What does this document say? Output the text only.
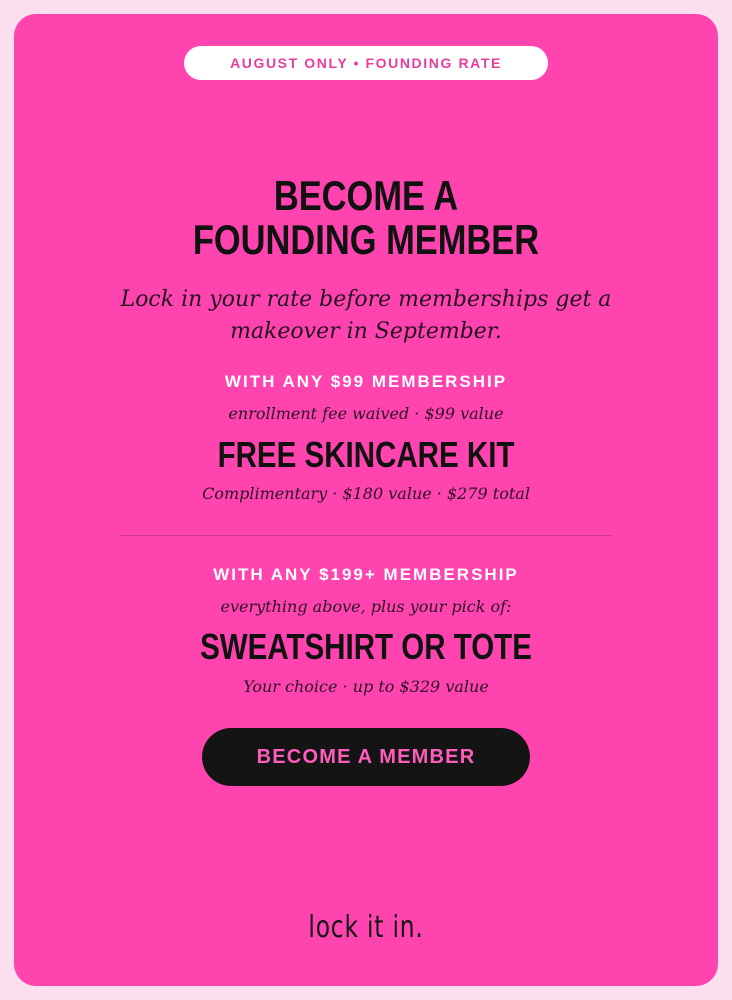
AUGUST ONLY • FOUNDING RATE
BECOME A
FOUNDING MEMBER
Lock in your rate before memberships get a makeover in September.
WITH ANY $99 MEMBERSHIP
enrollment fee waived · $99 value
FREE SKINCARE KIT
Complimentary · $180 value · $279 total
WITH ANY $199+ MEMBERSHIP
everything above, plus your pick of:
SWEATSHIRT OR TOTE
Your choice · up to $329 value
BECOME A MEMBER
lock it in.
